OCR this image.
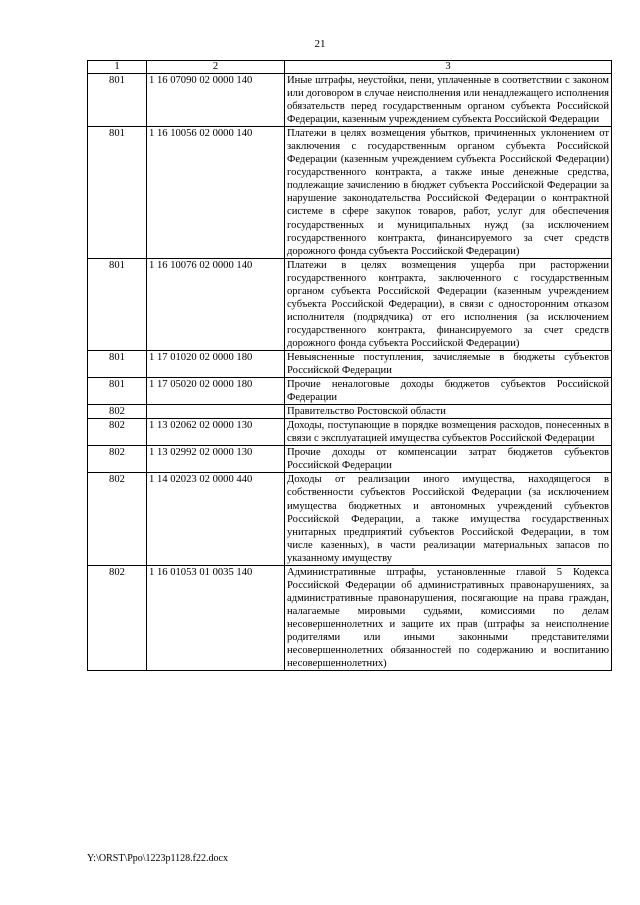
21
1	2	3
801	1 16 07090 02 0000 140	Иные штрафы, неустойки, пени, уплаченные в соответствии с законом или договором в случае неисполнения или ненадлежащего исполнения обязательств перед государственным органом субъекта Российской Федерации, казенным учреждением субъекта Российской Федерации
801	1 16 10056 02 0000 140	Платежи в целях возмещения убытков, причиненных уклонением от заключения с государственным органом субъекта Российской Федерации (казенным учреждением субъекта Российской Федерации) государственного контракта, а также иные денежные средства, подлежащие зачислению в бюджет субъекта Российской Федерации за нарушение законодательства Российской Федерации о контрактной системе в сфере закупок товаров, работ, услуг для обеспечения государственных и муниципальных нужд (за исключением государственного контракта, финансируемого за счет средств дорожного фонда субъекта Российской Федерации)
801	1 16 10076 02 0000 140	Платежи в целях возмещения ущерба при расторжении государственного контракта, заключенного с государственным органом субъекта Российской Федерации (казенным учреждением субъекта Российской Федерации), в связи с односторонним отказом исполнителя (подрядчика) от его исполнения (за исключением государственного контракта, финансируемого за счет средств дорожного фонда субъекта Российской Федерации)
801	1 17 01020 02 0000 180	Невыясненные поступления, зачисляемые в бюджеты субъектов Российской Федерации
801	1 17 05020 02 0000 180	Прочие неналоговые доходы бюджетов субъектов Российской Федерации
802		Правительство Ростовской области
802	1 13 02062 02 0000 130	Доходы, поступающие в порядке возмещения расходов, понесенных в связи с эксплуатацией имущества субъектов Российской Федерации
802	1 13 02992 02 0000 130	Прочие доходы от компенсации затрат бюджетов субъектов Российской Федерации
802	1 14 02023 02 0000 440	Доходы от реализации иного имущества, находящегося в собственности субъектов Российской Федерации (за исключением имущества бюджетных и автономных учреждений субъектов Российской Федерации, а также имущества государственных унитарных предприятий субъектов Российской Федерации, в том числе казенных), в части реализации материальных запасов по указанному имуществу
802	1 16 01053 01 0035 140	Административные штрафы, установленные главой 5 Кодекса Российской Федерации об административных правонарушениях, за административные правонарушения, посягающие на права граждан, налагаемые мировыми судьями, комиссиями по делам несовершеннолетних и защите их прав (штрафы за неисполнение родителями или иными законными представителями несовершеннолетних обязанностей по содержанию и воспитанию несовершеннолетних)
Y:\ORST\Ppo\1223p1128.f22.docx
